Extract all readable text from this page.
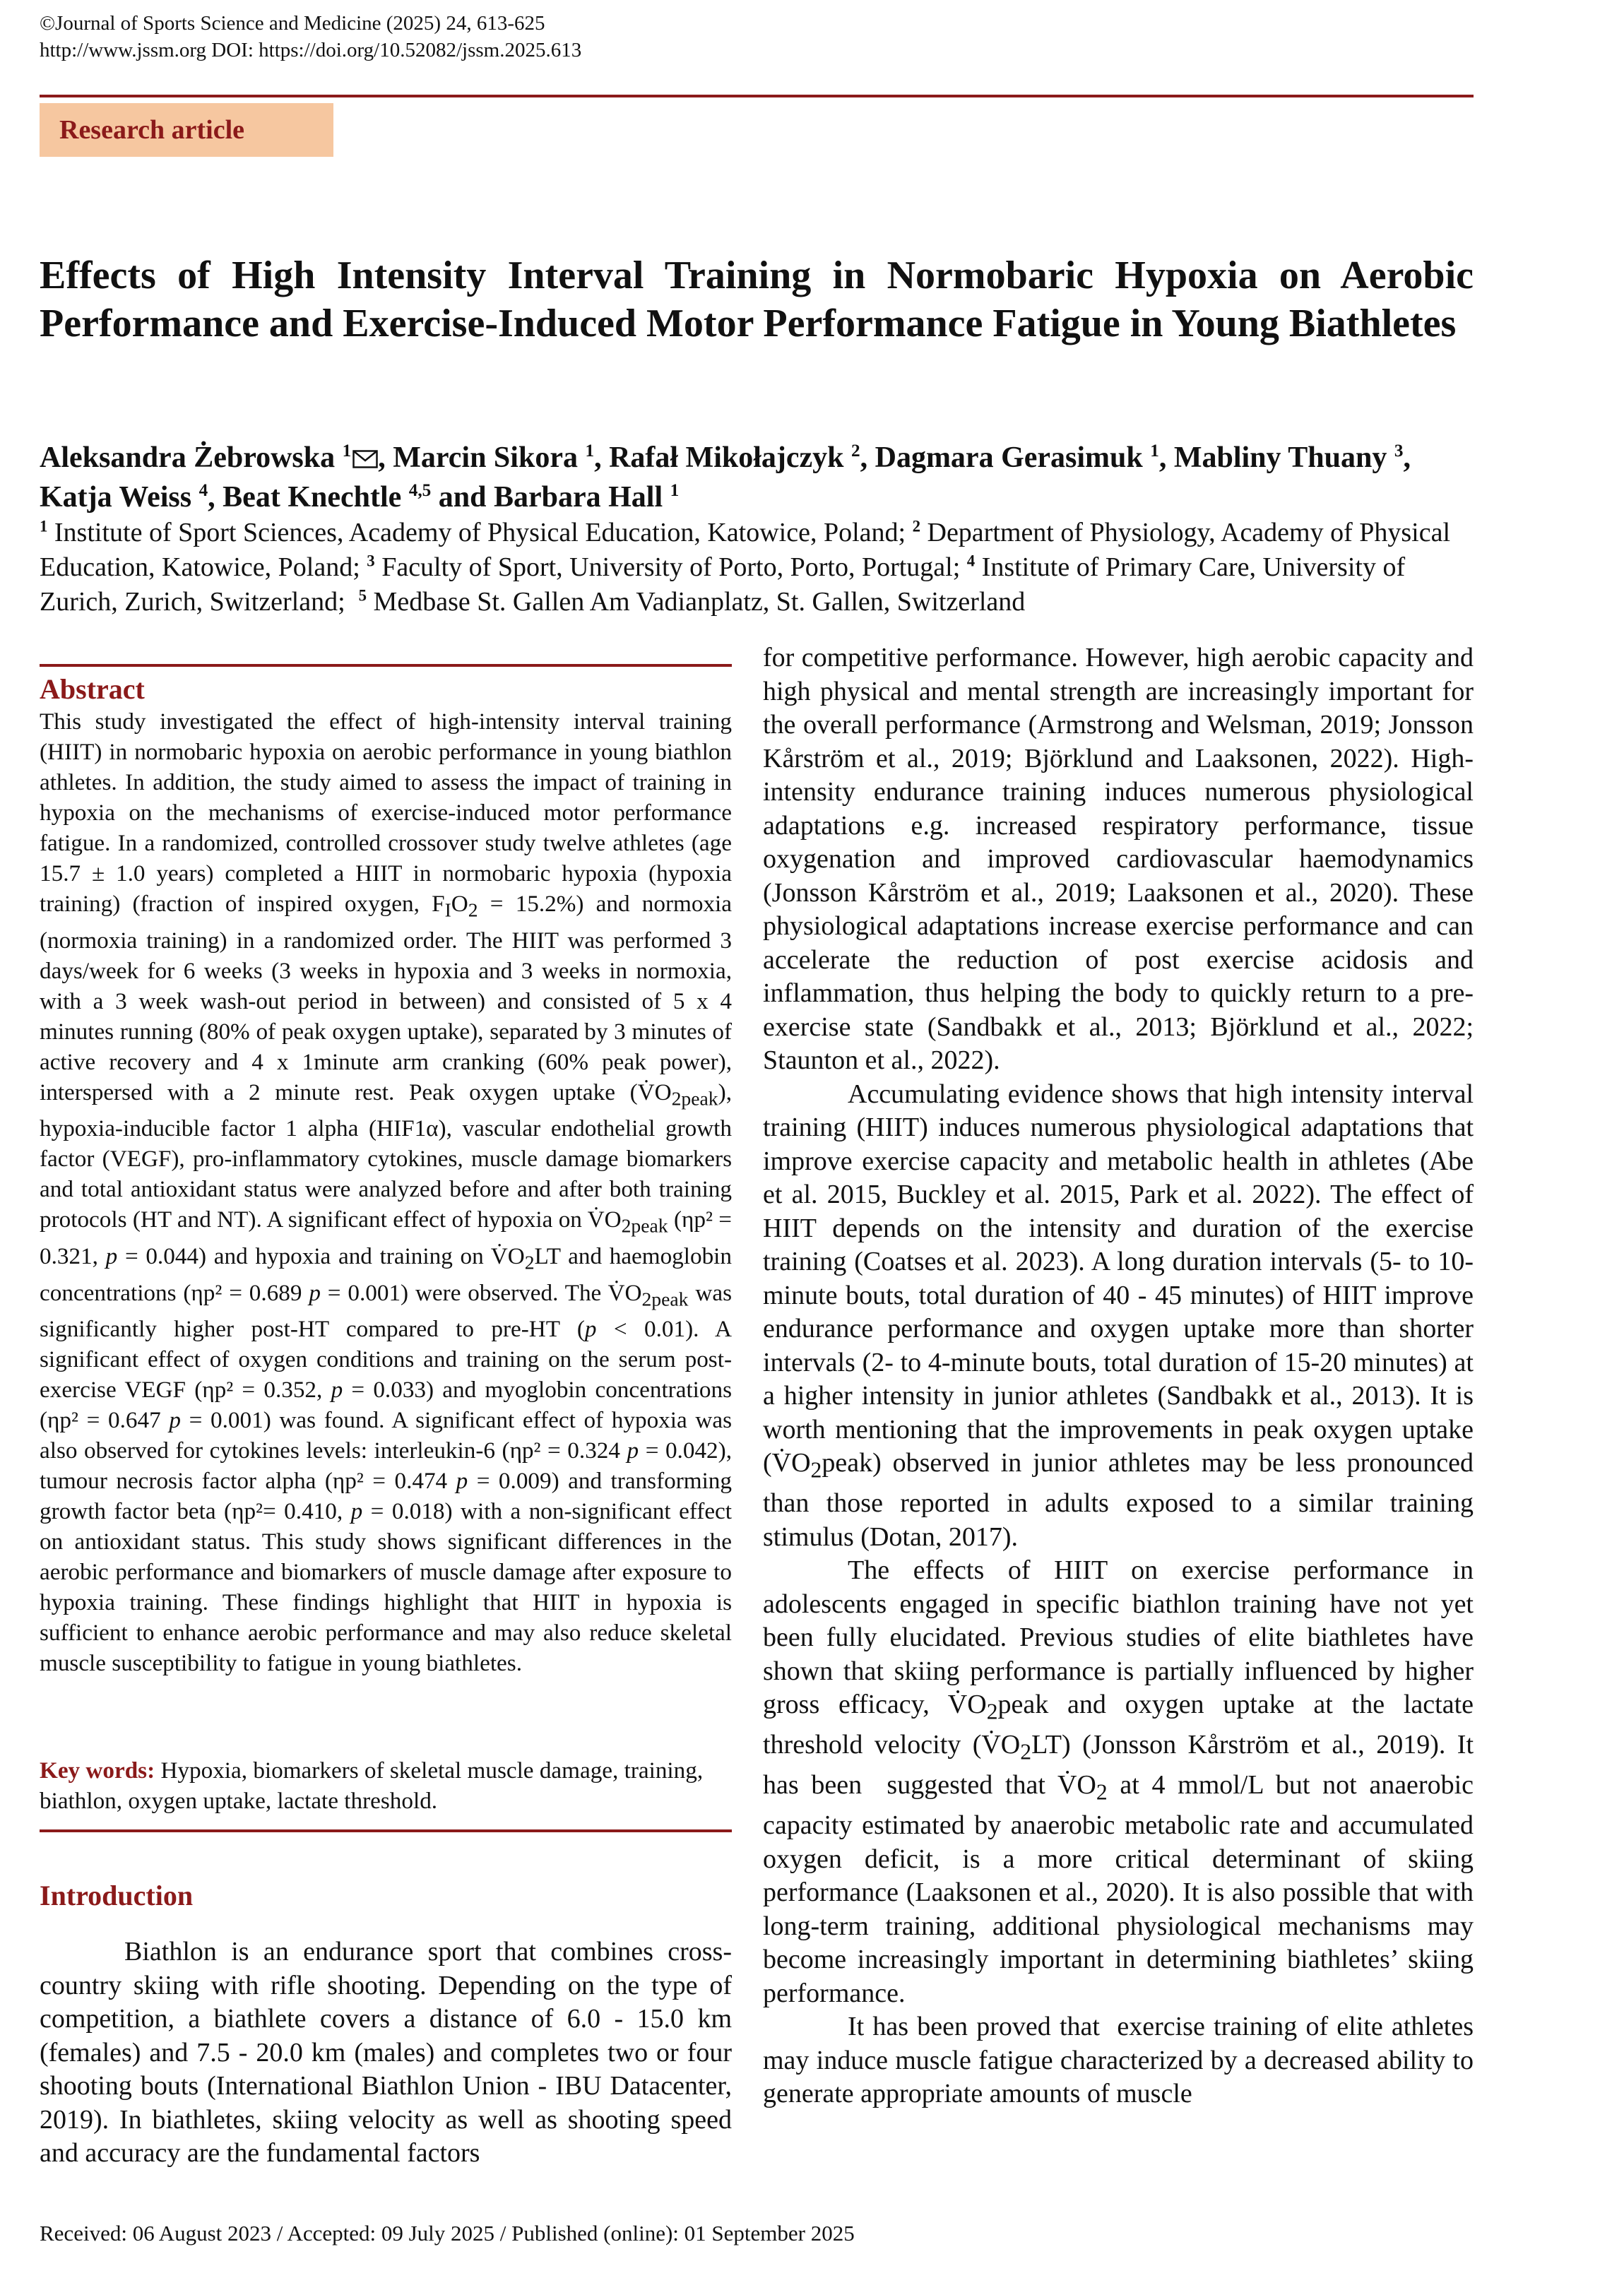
©Journal of Sports Science and Medicine (2025) 24, 613-625
http://www.jssm.org DOI: https://doi.org/10.52082/jssm.2025.613
Research article
Effects of High Intensity Interval Training in Normobaric Hypoxia on Aerobic Performance and Exercise-Induced Motor Performance Fatigue in Young Biathletes
Aleksandra Żebrowska $^1$ , Marcin Sikora $^1$, Rafał Mikołajczyk $^2$, Dagmara Gerasimuk $^1$, Mabliny Thuany $^3$, Katja Weiss $^4$, Beat Knechtle $^{4,5}$ and Barbara Hall $^1$
$^1$ Institute of Sport Sciences, Academy of Physical Education, Katowice, Poland; $^2$ Department of Physiology, Academy of Physical Education, Katowice, Poland; $^3$ Faculty of Sport, University of Porto, Porto, Portugal; $^4$ Institute of Primary Care, University of Zurich, Zurich, Switzerland;  $^5$ Medbase St. Gallen Am Vadianplatz, St. Gallen, Switzerland
Abstract
This study investigated the effect of high-intensity interval training (HIIT) in normobaric hypoxia on aerobic performance in young biathlon athletes. In addition, the study aimed to assess the impact of training in hypoxia on the mechanisms of exercise-induced motor performance fatigue. In a randomized, controlled crossover study twelve athletes (age 15.7 ± 1.0 years) completed a HIIT in normobaric hypoxia (hypoxia training) (fraction of inspired oxygen, $F_IO_2 = 15.2\%$) and normoxia (normoxia training) in a randomized order. The HIIT was performed 3 days/week for 6 weeks (3 weeks in hypoxia and 3 weeks in normoxia, with a 3 week wash-out period in between) and consisted of 5 x 4 minutes running (80% of peak oxygen uptake), separated by 3 minutes of active recovery and 4 x 1minute arm cranking (60% peak power), interspersed with a 2 minute rest. Peak oxygen uptake $(V̇O_{2peak})$, hypoxia-inducible factor 1 alpha (HIF1α), vascular endothelial growth factor (VEGF), pro-inflammatory cytokines, muscle damage biomarkers and total antioxidant status were analyzed before and after both training protocols (HT and NT). A significant effect of hypoxia on $V̇O_{2peak}$ (ηp² = 0.321, p = 0.044) and hypoxia and training on $V̇O_2LT$ and haemoglobin concentrations (ηp² = 0.689 p = 0.001) were observed. The $V̇O_{2peak}$ was significantly higher post-HT compared to pre-HT (p < 0.01). A significant effect of oxygen conditions and training on the serum post-exercise VEGF (ηp² = 0.352, p = 0.033) and myoglobin concentrations (ηp² = 0.647 p = 0.001) was found. A significant effect of hypoxia was also observed for cytokines levels: interleukin-6 (ηp² = 0.324 p = 0.042), tumour necrosis factor alpha (ηp² = 0.474 p = 0.009) and transforming growth factor beta (ηp²= 0.410, p = 0.018) with a non-significant effect on antioxidant status. This study shows significant differences in the aerobic performance and biomarkers of muscle damage after exposure to hypoxia training. These findings highlight that HIIT in hypoxia is sufficient to enhance aerobic performance and may also reduce skeletal muscle susceptibility to fatigue in young biathletes.
Key words: Hypoxia, biomarkers of skeletal muscle damage, training, biathlon, oxygen uptake, lactate threshold.
Introduction

Biathlon is an endurance sport that combines cross-country skiing with rifle shooting. Depending on the type of competition, a biathlete covers a distance of 6.0 - 15.0 km (females) and 7.5 - 20.0 km (males) and completes two or four shooting bouts (International Biathlon Union - IBU Datacenter, 2019). In biathletes, skiing velocity as well as shooting speed and accuracy are the fundamental factors

for competitive performance. However, high aerobic capacity and high physical and mental strength are increasingly important for the overall performance (Armstrong and Welsman, 2019; Jonsson Kårström et al., 2019; Björklund and Laaksonen, 2022). High-intensity endurance training induces numerous physiological adaptations e.g. increased respiratory performance, tissue oxygenation and improved cardiovascular haemodynamics (Jonsson Kårström et al., 2019; Laaksonen et al., 2020). These physiological adaptations increase exercise performance and can accelerate the reduction of post exercise acidosis and inflammation, thus helping the body to quickly return to a pre-exercise state (Sandbakk et al., 2013; Björklund et al., 2022; Staunton et al., 2022).

Accumulating evidence shows that high intensity interval training (HIIT) induces numerous physiological adaptations that improve exercise capacity and metabolic health in athletes (Abe et al. 2015, Buckley et al. 2015, Park et al. 2022). The effect of HIIT depends on the intensity and duration of the exercise training (Coatses et al. 2023). A long duration intervals (5- to 10-minute bouts, total duration of 40 - 45 minutes) of HIIT improve endurance performance and oxygen uptake more than shorter intervals (2- to 4-minute bouts, total duration of 15-20 minutes) at a higher intensity in junior athletes (Sandbakk et al., 2013). It is worth mentioning that the improvements in peak oxygen uptake $(V̇O_2peak)$ observed in junior athletes may be less pronounced than those reported in adults exposed to a similar training stimulus (Dotan, 2017).

The effects of HIIT on exercise performance in adolescents engaged in specific biathlon training have not yet been fully elucidated. Previous studies of elite biathletes have shown that skiing performance is partially influenced by higher gross efficacy, $V̇O_2peak$ and oxygen uptake at the lactate threshold velocity $(V̇O_2LT)$ (Jonsson Kårström et al., 2019). It has been  suggested that $V̇O_2$ at 4 mmol/L but not anaerobic capacity estimated by anaerobic metabolic rate and accumulated oxygen deficit, is a more critical determinant of skiing performance (Laaksonen et al., 2020). It is also possible that with long-term training, additional physiological mechanisms may become increasingly important in determining biathletes’ skiing performance.

It has been proved that  exercise training of elite athletes may induce muscle fatigue characterized by a decreased ability to generate appropriate amounts of muscle

Received: 06 August 2023 / Accepted: 09 July 2025 / Published (online): 01 September 2025
